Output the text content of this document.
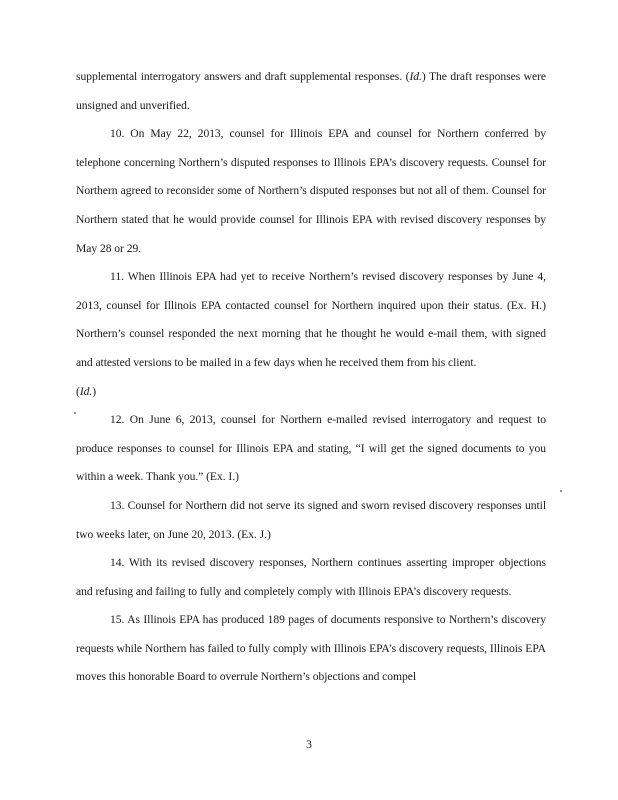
supplemental interrogatory answers and draft supplemental responses. (Id.) The draft responses were unsigned and unverified.

10. On May 22, 2013, counsel for Illinois EPA and counsel for Northern conferred by telephone concerning Northern’s disputed responses to Illinois EPA’s discovery requests. Counsel for Northern agreed to reconsider some of Northern’s disputed responses but not all of them. Counsel for Northern stated that he would provide counsel for Illinois EPA with revised discovery responses by May 28 or 29.

11. When Illinois EPA had yet to receive Northern’s revised discovery responses by June 4, 2013, counsel for Illinois EPA contacted counsel for Northern inquired upon their status. (Ex. H.) Northern’s counsel responded the next morning that he thought he would e-mail them, with signed and attested versions to be mailed in a few days when he received them from his client.
(Id.)

12. On June 6, 2013, counsel for Northern e-mailed revised interrogatory and request to produce responses to counsel for Illinois EPA and stating, “I will get the signed documents to you within a week. Thank you.” (Ex. I.)

13. Counsel for Northern did not serve its signed and sworn revised discovery responses until two weeks later, on June 20, 2013. (Ex. J.)

14. With its revised discovery responses, Northern continues asserting improper objections and refusing and failing to fully and completely comply with Illinois EPA’s discovery requests.

15. As Illinois EPA has produced 189 pages of documents responsive to Northern’s discovery requests while Northern has failed to fully comply with Illinois EPA’s discovery requests, Illinois EPA moves this honorable Board to overrule Northern’s objections and compel

3
